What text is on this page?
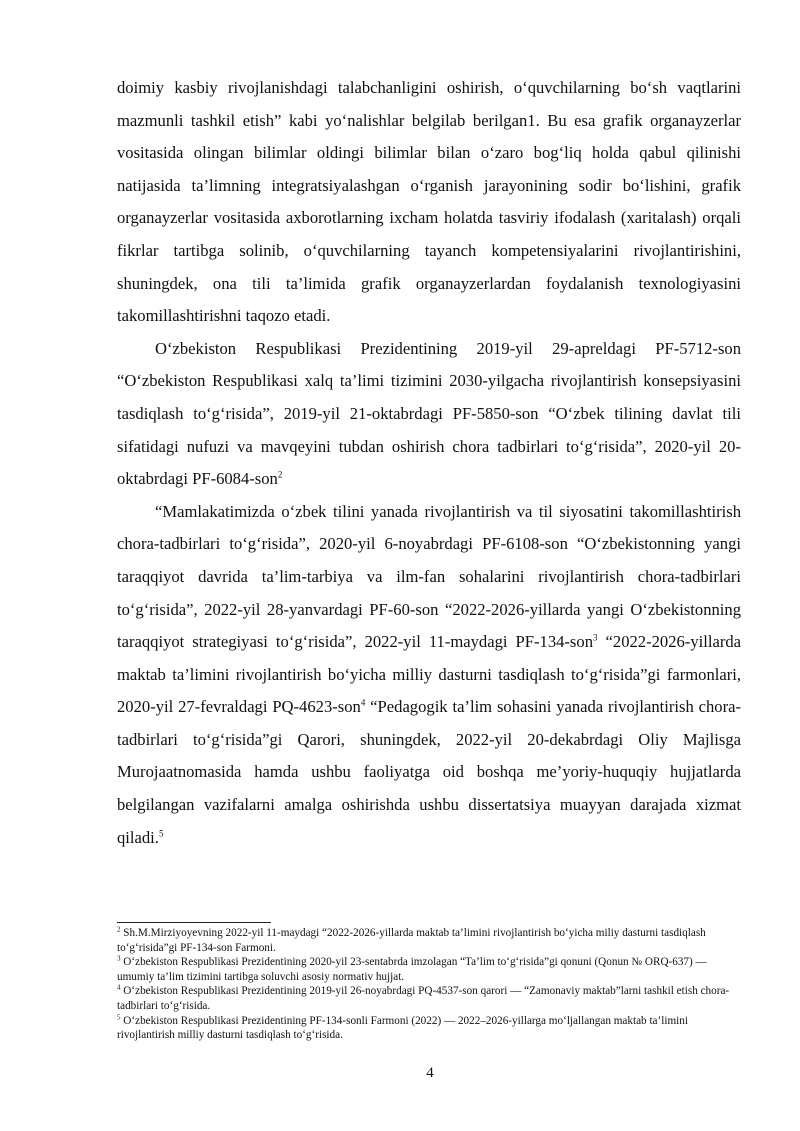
doimiy kasbiy rivojlanishdagi talabchanligini oshirish, o‘quvchilarning bo‘sh vaqtlarini mazmunli tashkil etish” kabi yo‘nalishlar belgilab berilgan1. Bu esa grafik organayzerlar vositasida olingan bilimlar oldingi bilimlar bilan o‘zaro bog‘liq holda qabul qilinishi natijasida ta’limning integratsiyalashgan o‘rganish jarayonining sodir bo‘lishini, grafik organayzerlar vositasida axborotlarning ixcham holatda tasviriy ifodalash (xaritalash) orqali fikrlar tartibga solinib, o‘quvchilarning tayanch kompetensiyalarini rivojlantirishini, shuningdek, ona tili ta’limida grafik organayzerlardan foydalanish texnologiyasini takomillashtirishni taqozo etadi.

O‘zbekiston Respublikasi Prezidentining 2019-yil 29-apreldagi PF-5712-son “O‘zbekiston Respublikasi xalq ta’limi tizimini 2030-yilgacha rivojlantirish konsepsiyasini tasdiqlash to‘g‘risida”, 2019-yil 21-oktabrdagi PF-5850-son “O‘zbek tilining davlat tili sifatidagi nufuzi va mavqeyini tubdan oshirish chora tadbirlari to‘g‘risida”, 2020-yil 20-oktabrdagi PF-6084-son$^2$

“Mamlakatimizda o‘zbek tilini yanada rivojlantirish va til siyosatini takomillashtirish chora-tadbirlari to‘g‘risida”, 2020-yil 6-noyabrdagi PF-6108-son “O‘zbekistonning yangi taraqqiyot davrida ta’lim-tarbiya va ilm-fan sohalarini rivojlantirish chora-tadbirlari to‘g‘risida”, 2022-yil 28-yanvardagi PF-60-son “2022-2026-yillarda yangi O‘zbekistonning taraqqiyot strategiyasi to‘g‘risida”, 2022-yil 11-maydagi PF-134-son$^3$ “2022-2026-yillarda maktab ta’limini rivojlantirish bo‘yicha milliy dasturni tasdiqlash to‘g‘risida”gi farmonlari, 2020-yil 27-fevraldagi PQ-4623-son$^4$ “Pedagogik ta’lim sohasini yanada rivojlantirish chora-tadbirlari to‘g‘risida”gi Qarori, shuningdek, 2022-yil 20-dekabrdagi Oliy Majlisga Murojaatnomasida hamda ushbu faoliyatga oid boshqa me’yoriy-huquqiy hujjatlarda belgilangan vazifalarni amalga oshirishda ushbu dissertatsiya muayyan darajada xizmat qiladi.$^5$

$^2$ Sh.M.Mirziyoyevning 2022-yil 11-maydagi “2022-2026-yillarda maktab ta’limini rivojlantirish bo‘yicha miliy dasturni tasdiqlash to‘g‘risida”gi PF-134-son Farmoni.

$^3$ O‘zbekiston Respublikasi Prezidentining 2020-yil 23-sentabrda imzolagan “Ta’lim to‘g‘risida”gi qonuni (Qonun № ORQ-637) — umumiy ta’lim tizimini tartibga soluvchi asosiy normativ hujjat.

$^4$ O‘zbekiston Respublikasi Prezidentining 2019-yil 26-noyabrdagi PQ-4537-son qarori — “Zamonaviy maktab”larni tashkil etish chora-tadbirlari to‘g‘risida.

$^5$ O‘zbekiston Respublikasi Prezidentining PF-134-sonli Farmoni (2022) — 2022–2026-yillarga mo‘ljallangan maktab ta’limini rivojlantirish milliy dasturni tasdiqlash to‘g‘risida.

4
